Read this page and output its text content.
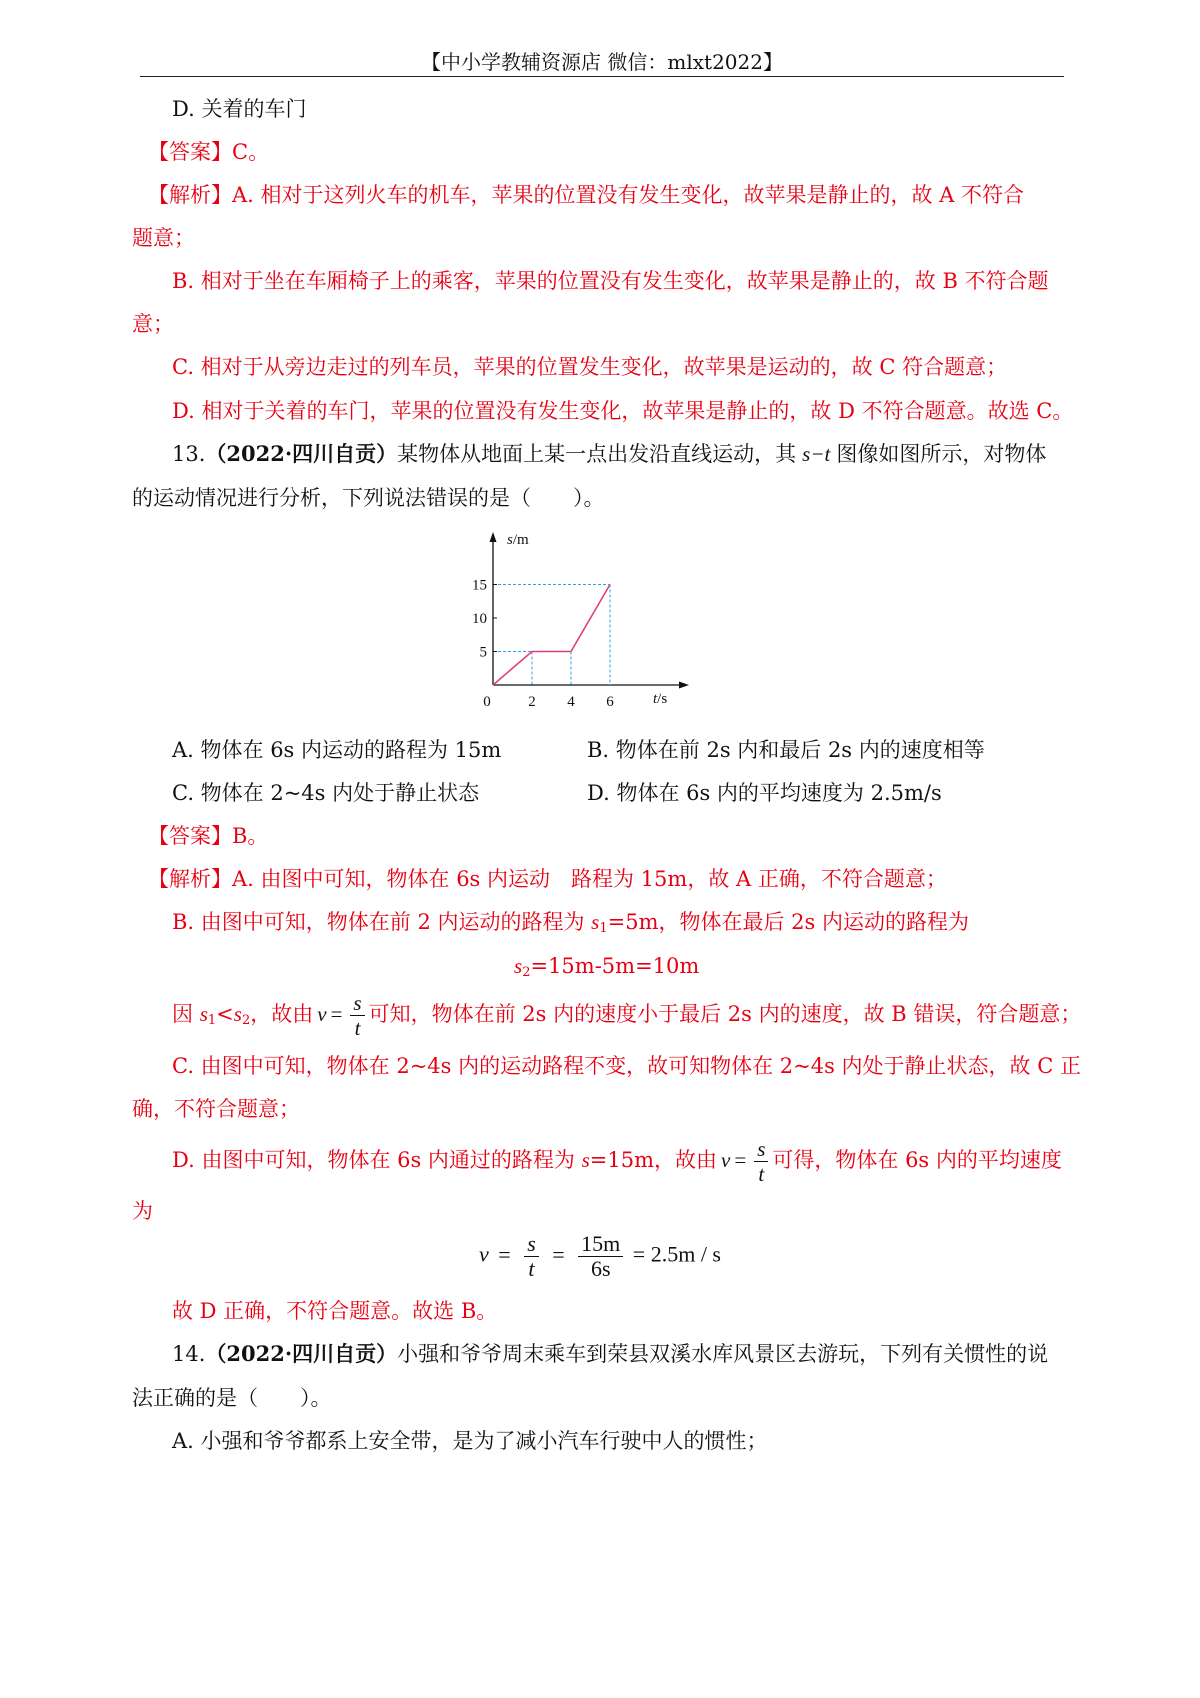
【中小学教辅资源店 微信：mlxt2022】
D. 关着的车门
【答案】C。
【解析】A. 相对于这列火车的机车，苹果的位置没有发生变化，故苹果是静止的，故 A 不符合
题意；
B. 相对于坐在车厢椅子上的乘客，苹果的位置没有发生变化，故苹果是静止的，故 B 不符合题
意；
C. 相对于从旁边走过的列车员，苹果的位置发生变化，故苹果是运动的，故 C 符合题意；
D. 相对于关着的车门，苹果的位置没有发生变化，故苹果是静止的，故 D 不符合题意。故选 C。
13.（2022·四川自贡）某物体从地面上某一点出发沿直线运动，其 s−t 图像如图所示，对物体
的运动情况进行分析，下列说法错误的是（　　）。
5
10
15
0	2 4 6
s/m
t/s
A. 物体在 6s 内运动的路程为 15m	B. 物体在前 2s 内和最后 2s 内的速度相等
C. 物体在 2~4s 内处于静止状态	D. 物体在 6s 内的平均速度为 2.5m/s
【答案】B。
【解析】A. 由图中可知，物体在 6s 内运动　路程为 15m，故 A 正确，不符合题意；
B. 由图中可知，物体在前 2 内运动的路程为 $s_1=5m$，物体在最后 2s 内运动的路程为
$s_2=15m-5m=10m$
因 $s_1<s_2$，故由 $v = \frac{s}{t}$ 可知，物体在前 2s 内的速度小于最后 2s 内的速度，故 B 错误，符合题意；
C. 由图中可知，物体在 2~4s 内的运动路程不变，故可知物体在 2~4s 内处于静止状态，故 C 正
确，不符合题意；
D. 由图中可知，物体在 6s 内通过的路程为 s=15m，故由 $v = \frac{s}{t}$ 可得，物体在 6s 内的平均速度
为
$v = \frac{s}{t} = \frac{15m}{6s} = 2.5m / s$
故 D 正确，不符合题意。故选 B。
14.（2022·四川自贡）小强和爷爷周末乘车到荣县双溪水库风景区去游玩，下列有关惯性的说
法正确的是（　　）。
A. 小强和爷爷都系上安全带，是为了减小汽车行驶中人的惯性；
